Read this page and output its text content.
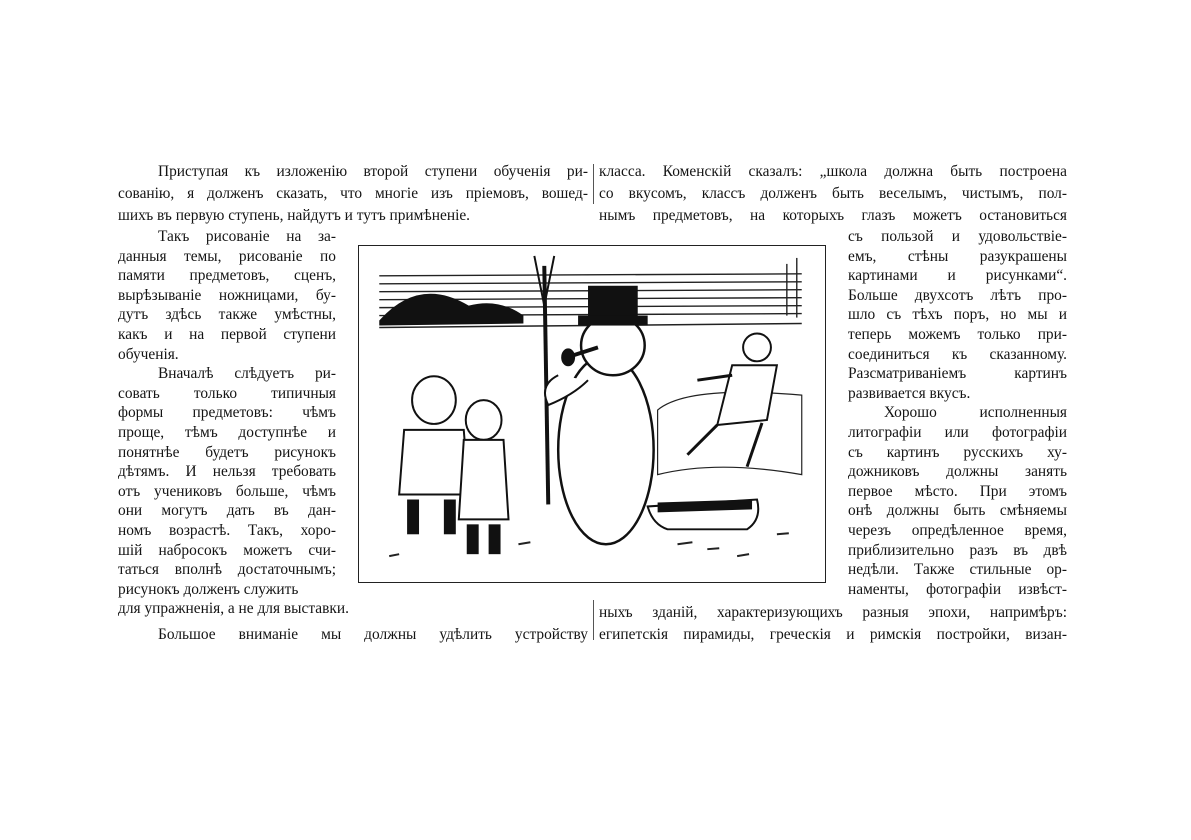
Приступая къ изложенію второй ступени обученія ри-
сованію, я долженъ сказать, что многіе изъ пріемовъ, вошед-
шихъ въ первую ступень, найдутъ и тутъ примѣненіе.
Такъ рисованіе на за-
данныя темы, рисованіе по
памяти предметовъ, сценъ,
вырѣзываніе ножницами, бу-
дутъ здѣсь также умѣстны,
какъ и на первой ступени
обученія.
Вначалѣ слѣдуетъ ри-
совать только типичныя
формы предметовъ: чѣмъ
проще, тѣмъ доступнѣе и
понятнѣе будетъ рисунокъ
дѣтямъ. И нельзя требовать
отъ учениковъ больше, чѣмъ
они могутъ дать въ дан-
номъ возрастѣ. Такъ, хоро-
шій набросокъ можетъ счи-
таться вполнѣ достаточнымъ;
рисунокъ долженъ служить
для упражненія, а не для выставки.
Большое вниманіе мы должны удѣлить устройству
класса. Коменскій сказалъ: „школа должна быть построена
со вкусомъ, классъ долженъ быть веселымъ, чистымъ, пол-
нымъ предметовъ, на которыхъ глазъ можетъ остановиться
съ пользой и удовольствіе-
емъ, стѣны разукрашены
картинами и рисунками“.
Больше двухсотъ лѣтъ про-
шло съ тѣхъ поръ, но мы и
теперь можемъ только при-
соединиться къ сказанному.
Разсматриваніемъ картинъ
развивается вкусъ.
Хорошо исполненныя
литографіи или фотографіи
съ картинъ русскихъ ху-
дожниковъ должны занять
первое мѣсто. При этомъ
онѣ должны быть смѣняемы
черезъ опредѣленное время,
приблизительно разъ въ двѣ
недѣли. Также стильные ор-
наменты, фотографіи извѣст-
ныхъ зданій, характеризующихъ разныя эпохи, напримѣръ:
египетскія пирамиды, греческія и римскія постройки, визан-
